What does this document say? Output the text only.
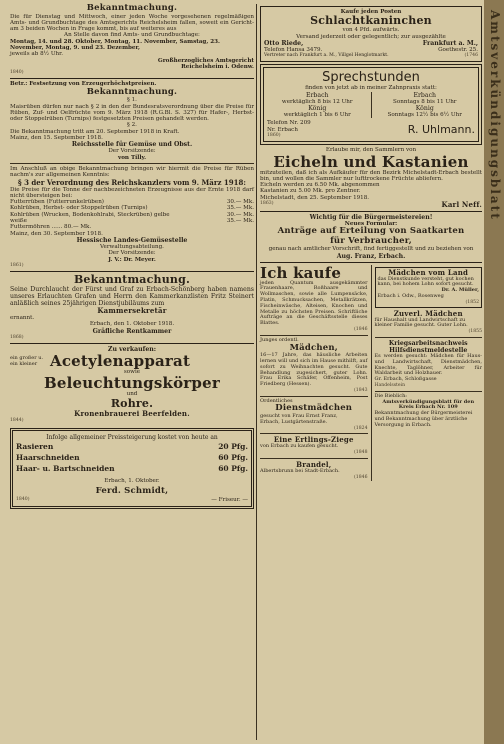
Amtsverkündigungsblatt

Bekanntmachung.

Die für Dienstag und Mittwoch, einer jeden Woche vorgesehenen regelmäßigen Amts- und Grundbuchtage des Amtsgerichts Reichelsheim fallen, soweit ein Gericht- am 3 beiden Wochen in Frage kommt, bis auf weiteres aus

An Stelle davon find Amts- und Grundbuchtage:

Montag, 14. und 28. Oktober, Montag, 11. November, Samstag, 23. November, Montag, 9. und 23. Dezember,

jeweils ab 8½ Uhr.

Großherzogliches Amtsgericht

Reichelsheim i. Odenw.

1840)

Betr.: Festsetzung von Erzeugerhöchstpreisen.

Bekanntmachung.

§ 1.

Maisrüben dürfen nur nach § 2 in den der Bundesratsverordnung über die Preise für Rüben, Zuf- und Oelfrüchte vom 9. März 1918 (R.G.Bl. S. 327) für Hafer-, Herbst- oder Stoppelrüben (Turnips) festgesetzten Preisen gehandelt werden.

§ 2.

Die Bekanntmachung tritt am 20. September 1918 in Kraft.

Mainz, den 15. September 1918.

Reichsstelle für Gemüse und Obst.

Der Vorsitzende:

von Tilly.

Im Anschluß an obige Bekanntmachung bringen wir hiermit die Preise für Rüben nachm's zur allgemeinen Kenntnis:

§ 3 der Verordnung des Reichskanzlers vom 9. März 1918:

Die Preise für die Tonne der nachbezeichneten Erzeugnisse aus der Ernte 1918 darf nicht übersteigen bei:

Futterrüben (Futterrunkelrüben)	30.— Mk.
Kohlrüben, Herbst- oder Stoppelrüben (Turnips)	35.— Mk.
Kohlrüben (Wrucken, Bodenkohlrabi, Steckrüben) gelbe	30.— Mk.
weiße	35.— Mk.

Futtermöhren ...... 80.— Mk.

Mainz, den 30. September 1918.

Hessische Landes-Gemüsestelle

Verwaltungsabteilung.

Der Vorsitzende:

J. V.: Dr. Meyer.

1861)

Bekanntmachung.

Seine Durchlaucht der Fürst und Graf zu Erbach-Schönberg haben namens unseres Erlauchten Grafen und Herrn den Kammerkanzlisten Fritz Steinert anläßlich seines 25jährigen Dienstjubiläums zum

Kammersekretär

ernannt.

Erbach, den 1. Oktober 1918.

Gräfliche Rentkammer

1868)

Zu verkaufen:

ein großer u.

ein kleiner Acetylenapparat

sowie

Beleuchtungskörper

und

Rohre.

Kronenbrauerei Beerfelden.

1844)

Infolge allgemeiner Preissteigerung kostet von heute an

Rasieren	20 Pfg.
Haarschneiden	60 Pfg.
Haar- u. Bartschneiden	60 Pfg.

Erbach, 1. Oktober.

Ferd. Schmidt,

1840)	— Friseur. —

Kaufe jeden Posten

Schlachtkaninchen

von 4 Pfd. aufwärts.

Versand jederzeit oder gelegentlich; zur ausgezählte

Otto Riede,	Frankfurt a. M.,
Telefon Hansa 3479.	Goethestr. 25.
Vertreter nach Frankfurt a. M., Villgel Henglotmarkt.	(1746

Sprechstunden

finden von jetzt ab in meiner Zahnpraxis statt:

Erbach

werktäglich 8 bis 12 Uhr

König

werktäglich 1 bis 6 Uhr

Erbach

Sonntags 8 bis 11 Uhr

König

Sonntags 12½ bis 6½ Uhr

Telefon Nr. 209

Nr. Erbach

1860)	R. Uhlmann.

Erlaube mir, den Sammlern von

Eicheln und Kastanien

mitzuteilen, daß ich als Aufkäufer für den Bezirk Michelstadt-Erbach bestellt bin, und wollen die Sammler nur lufttrockene Früchte abliefern.

Eicheln werden zu 6.50 Mk. abgenommen

Kastanien zu 5.00 Mk. pro Zentner.

Michelstadt, den 25. September 1918.

1863)	Karl Neff.

Wichtig für die Bürgermeistereien!

Neues Formular:

Anträge auf Erteilung von Saatkarten

für Verbraucher,

genau nach amtlicher Vorschrift, find fertiggestellt und zu beziehen von

Aug. Franz, Erbach.

Ich kaufe

jeden Quantum ausgekämmter Frauenhaare, Roßhaare und Wollmaschen, sowie alle Lumpensäcke, Platin, Schmucksachen, Metallkrätzen, Fischeinwäsche, Alteisen, Knochen und Metalle zu höchsten Preisen. Schriftliche Aufträge an die Geschäftsstelle dieses Blattes.

(1846

Junges ordentl.

Mädchen,

16—17 Jahre, das häusliche Arbeiten lernen will und sich im Hause mithilft, auf sofort zu Weihnachten gesucht. Gute Behandlung zugesichert, guter Lohn. Frau Erika Schäfer, Offenheim, Post Friedberg (Hessen).

(1843

Ordentliches

Dienstmädchen

gesucht von Frau Ernst Franz,

Erbach, Lustgärtenstraße.

(1824

Eine Ertlings-Ziege

von Erbach zu kaufen gesucht.

(1848

Brandel,

Albertsbrunn bei Stadt-Erbach.

(1846

Mädchen vom Land

das Dienstkunde versteht, gut kochen kann, bei hohem Lohn sofort gesucht.

Dr. A. Müller,

Erbach i. Odw., Rosenweg

(1852

Zuverl. Mädchen

für Haushalt und Landwirtschaft zu kleiner Familie gesucht. Guter Lohn.

(1855

Kriegsarbeitsnachweis

Hilfsdienstmeldestelle

Es werden gesucht: Mädchen für Haus- und Landwirtschaft, Dienstmädchen, Knechte, Taglöhner, Arbeiter für Waldarbeit und Holzhauer.

Gr. Erbach, Schloßgasse

Handelsstein

Die Bieblich:

Amtsverkündigungsblatt für den Kreis Erbach Nr. 109

Bekanntmachung der Bürgermeisterei und Bekanntmachung über ärztliche Versorgung in Erbach.
